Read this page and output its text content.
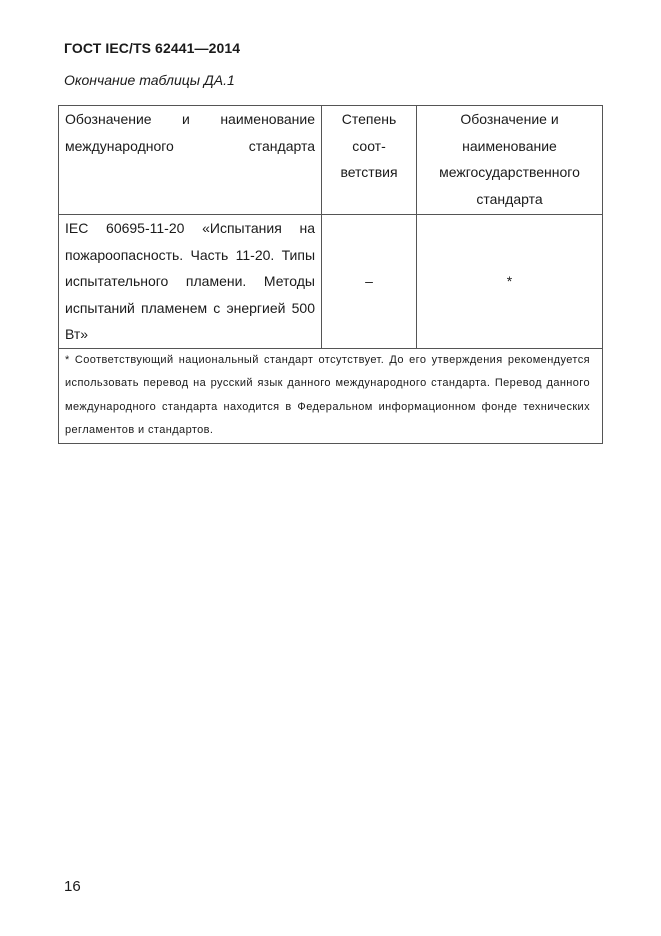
ГОСТ IEC/TS 62441—2014
Окончание таблицы ДА.1
Обозначение и наименование международного стандарта	Степень соот-ветствия	Обозначение и наименование межгосударственного стандарта
IEC 60695-11-20 «Испытания на пожароопасность. Часть 11-20. Типы испытательного пламени. Методы испытаний пламенем с энергией 500 Вт»	–	*
* Соответствующий национальный стандарт отсутствует. До его утверждения рекомендуется использовать перевод на русский язык данного международного стандарта. Перевод данного международного стандарта находится в Федеральном информационном фонде технических регламентов и стандартов.		
16
